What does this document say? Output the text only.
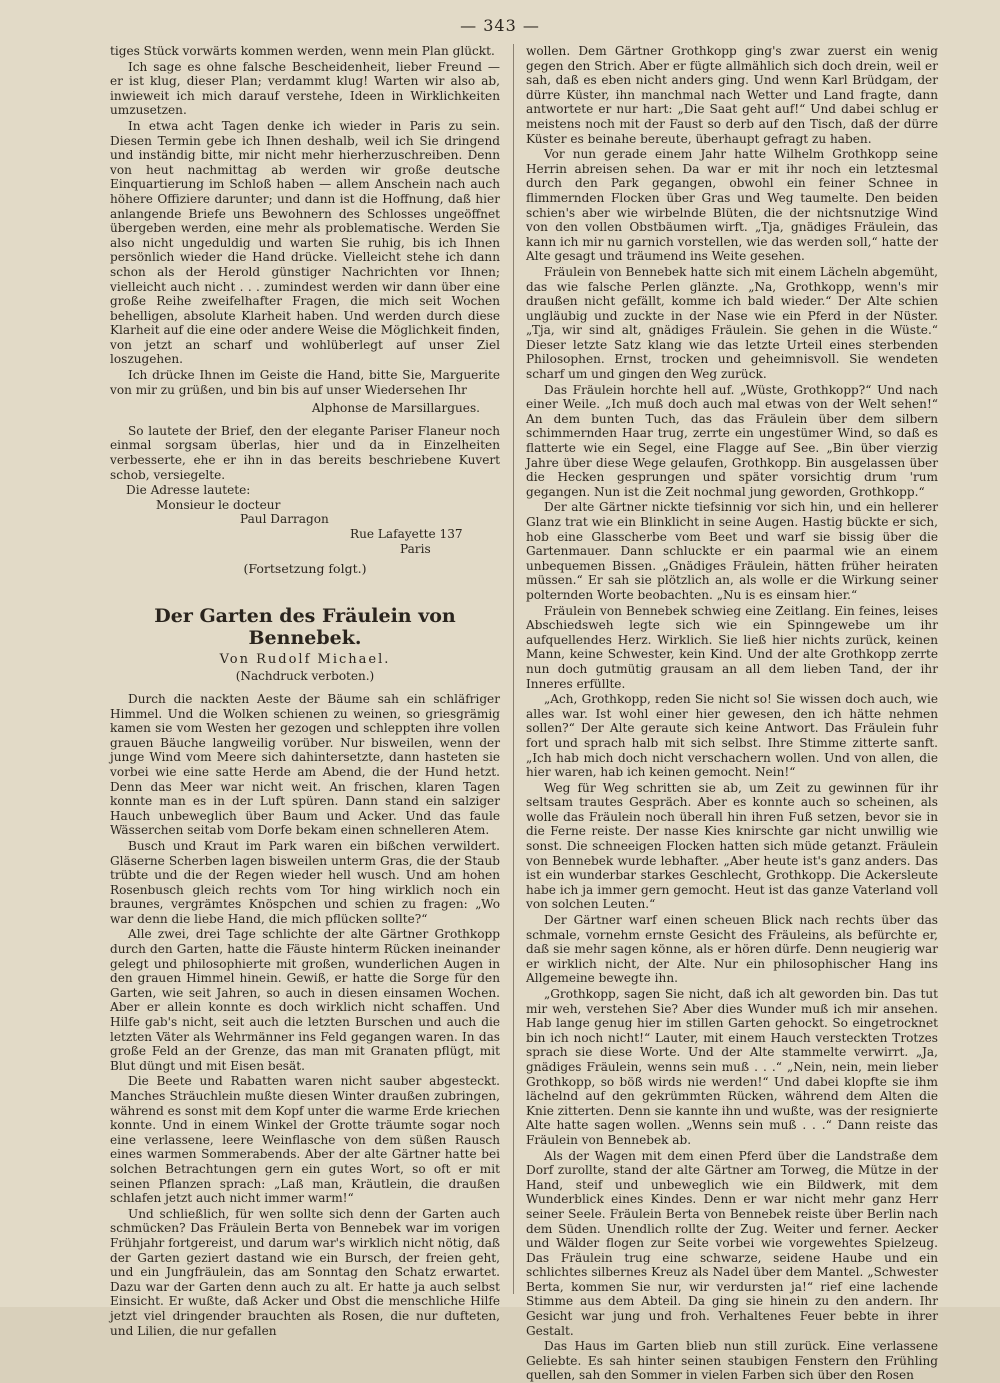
— 343 —

tiges Stück vorwärts kommen werden, wenn mein Plan glückt.

Ich sage es ohne falsche Bescheidenheit, lieber Freund — er ist klug, dieser Plan; verdammt klug! Warten wir also ab, inwieweit ich mich darauf verstehe, Ideen in Wirklichkeiten umzusetzen.

In etwa acht Tagen denke ich wieder in Paris zu sein. Diesen Termin gebe ich Ihnen deshalb, weil ich Sie dringend und inständig bitte, mir nicht mehr hierherzuschreiben. Denn von heut nachmittag ab werden wir große deutsche Einquartierung im Schloß haben — allem Anschein nach auch höhere Offiziere darunter; und dann ist die Hoffnung, daß hier anlangende Briefe uns Bewohnern des Schlosses ungeöffnet übergeben werden, eine mehr als problematische. Werden Sie also nicht ungeduldig und warten Sie ruhig, bis ich Ihnen persönlich wieder die Hand drücke. Vielleicht stehe ich dann schon als der Herold günstiger Nachrichten vor Ihnen; vielleicht auch nicht . . . zumindest werden wir dann über eine große Reihe zweifelhafter Fragen, die mich seit Wochen behelligen, absolute Klarheit haben. Und werden durch diese Klarheit auf die eine oder andere Weise die Möglichkeit finden, von jetzt an scharf und wohlüberlegt auf unser Ziel loszugehen.

Ich drücke Ihnen im Geiste die Hand, bitte Sie, Marguerite von mir zu grüßen, und bin bis auf unser Wiedersehen Ihr

Alphonse de Marsillargues.

So lautete der Brief, den der elegante Pariser Flaneur noch einmal sorgsam überlas, hier und da in Einzelheiten verbesserte, ehe er ihn in das bereits beschriebene Kuvert schob, versiegelte.

Die Adresse lautete:
Monsieur le docteur
Paul Darragon
Rue Lafayette 137
Paris
(Fortsetzung folgt.)
Der Garten des Fräulein von Bennebek.
Von Rudolf Michael.
(Nachdruck verboten.)

Durch die nackten Aeste der Bäume sah ein schläfriger Himmel. Und die Wolken schienen zu weinen, so griesgrämig kamen sie vom Westen her gezogen und schleppten ihre vollen grauen Bäuche langweilig vorüber. Nur bisweilen, wenn der junge Wind vom Meere sich dahintersetzte, dann hasteten sie vorbei wie eine satte Herde am Abend, die der Hund hetzt. Denn das Meer war nicht weit. An frischen, klaren Tagen konnte man es in der Luft spüren. Dann stand ein salziger Hauch unbeweglich über Baum und Acker. Und das faule Wässerchen seitab vom Dorfe bekam einen schnelleren Atem.

Busch und Kraut im Park waren ein bißchen verwildert. Gläserne Scherben lagen bisweilen unterm Gras, die der Staub trübte und die der Regen wieder hell wusch. Und am hohen Rosenbusch gleich rechts vom Tor hing wirklich noch ein braunes, vergrämtes Knöspchen und schien zu fragen: „Wo war denn die liebe Hand, die mich pflücken sollte?“

Alle zwei, drei Tage schlichte der alte Gärtner Grothkopp durch den Garten, hatte die Fäuste hinterm Rücken ineinander gelegt und philosophierte mit großen, wunderlichen Augen in den grauen Himmel hinein. Gewiß, er hatte die Sorge für den Garten, wie seit Jahren, so auch in diesen einsamen Wochen. Aber er allein konnte es doch wirklich nicht schaffen. Und Hilfe gab's nicht, seit auch die letzten Burschen und auch die letzten Väter als Wehrmänner ins Feld gegangen waren. In das große Feld an der Grenze, das man mit Granaten pflügt, mit Blut düngt und mit Eisen besät.

Die Beete und Rabatten waren nicht sauber abgesteckt. Manches Sträuchlein mußte diesen Winter draußen zubringen, während es sonst mit dem Kopf unter die warme Erde kriechen konnte. Und in einem Winkel der Grotte träumte sogar noch eine verlassene, leere Weinflasche von dem süßen Rausch eines warmen Sommerabends. Aber der alte Gärtner hatte bei solchen Betrachtungen gern ein gutes Wort, so oft er mit seinen Pflanzen sprach: „Laß man, Kräutlein, die draußen schlafen jetzt auch nicht immer warm!“

Und schließlich, für wen sollte sich denn der Garten auch schmücken? Das Fräulein Berta von Bennebek war im vorigen Frühjahr fortgereist, und darum war's wirklich nicht nötig, daß der Garten geziert dastand wie ein Bursch, der freien geht, und ein Jungfräulein, das am Sonntag den Schatz erwartet. Dazu war der Garten denn auch zu alt. Er hatte ja auch selbst Einsicht. Er wußte, daß Acker und Obst die menschliche Hilfe jetzt viel dringender brauchten als Rosen, die nur dufteten, und Lilien, die nur gefallen

wollen. Dem Gärtner Grothkopp ging's zwar zuerst ein wenig gegen den Strich. Aber er fügte allmählich sich doch drein, weil er sah, daß es eben nicht anders ging. Und wenn Karl Brüdgam, der dürre Küster, ihn manchmal nach Wetter und Land fragte, dann antwortete er nur hart: „Die Saat geht auf!“ Und dabei schlug er meistens noch mit der Faust so derb auf den Tisch, daß der dürre Küster es beinahe bereute, überhaupt gefragt zu haben.

Vor nun gerade einem Jahr hatte Wilhelm Grothkopp seine Herrin abreisen sehen. Da war er mit ihr noch ein letztesmal durch den Park gegangen, obwohl ein feiner Schnee in flimmernden Flocken über Gras und Weg taumelte. Den beiden schien's aber wie wirbelnde Blüten, die der nichtsnutzige Wind von den vollen Obstbäumen wirft. „Tja, gnädiges Fräulein, das kann ich mir nu garnich vorstellen, wie das werden soll,“ hatte der Alte gesagt und träumend ins Weite gesehen.

Fräulein von Bennebek hatte sich mit einem Lächeln abgemüht, das wie falsche Perlen glänzte. „Na, Grothkopp, wenn's mir draußen nicht gefällt, komme ich bald wieder.“ Der Alte schien ungläubig und zuckte in der Nase wie ein Pferd in der Nüster. „Tja, wir sind alt, gnädiges Fräulein. Sie gehen in die Wüste.“ Dieser letzte Satz klang wie das letzte Urteil eines sterbenden Philosophen. Ernst, trocken und geheimnisvoll. Sie wendeten scharf um und gingen den Weg zurück.

Das Fräulein horchte hell auf. „Wüste, Grothkopp?“ Und nach einer Weile. „Ich muß doch auch mal etwas von der Welt sehen!“ An dem bunten Tuch, das das Fräulein über dem silbern schimmernden Haar trug, zerrte ein ungestümer Wind, so daß es flatterte wie ein Segel, eine Flagge auf See. „Bin über vierzig Jahre über diese Wege gelaufen, Grothkopp. Bin ausgelassen über die Hecken gesprungen und später vorsichtig drum 'rum gegangen. Nun ist die Zeit nochmal jung geworden, Grothkopp.“

Der alte Gärtner nickte tiefsinnig vor sich hin, und ein hellerer Glanz trat wie ein Blinklicht in seine Augen. Hastig bückte er sich, hob eine Glasscherbe vom Beet und warf sie bissig über die Gartenmauer. Dann schluckte er ein paarmal wie an einem unbequemen Bissen. „Gnädiges Fräulein, hätten früher heiraten müssen.“ Er sah sie plötzlich an, als wolle er die Wirkung seiner polternden Worte beobachten. „Nu is es einsam hier.“

Fräulein von Bennebek schwieg eine Zeitlang. Ein feines, leises Abschiedsweh legte sich wie ein Spinngewebe um ihr aufquellendes Herz. Wirklich. Sie ließ hier nichts zurück, keinen Mann, keine Schwester, kein Kind. Und der alte Grothkopp zerrte nun doch gutmütig grausam an all dem lieben Tand, der ihr Inneres erfüllte.

„Ach, Grothkopp, reden Sie nicht so! Sie wissen doch auch, wie alles war. Ist wohl einer hier gewesen, den ich hätte nehmen sollen?“ Der Alte geraute sich keine Antwort. Das Fräulein fuhr fort und sprach halb mit sich selbst. Ihre Stimme zitterte sanft. „Ich hab mich doch nicht verschachern wollen. Und von allen, die hier waren, hab ich keinen gemocht. Nein!“

Weg für Weg schritten sie ab, um Zeit zu gewinnen für ihr seltsam trautes Gespräch. Aber es konnte auch so scheinen, als wolle das Fräulein noch überall hin ihren Fuß setzen, bevor sie in die Ferne reiste. Der nasse Kies knirschte gar nicht unwillig wie sonst. Die schneeigen Flocken hatten sich müde getanzt. Fräulein von Bennebek wurde lebhafter. „Aber heute ist's ganz anders. Das ist ein wunderbar starkes Geschlecht, Grothkopp. Die Ackersleute habe ich ja immer gern gemocht. Heut ist das ganze Vaterland voll von solchen Leuten.“

Der Gärtner warf einen scheuen Blick nach rechts über das schmale, vornehm ernste Gesicht des Fräuleins, als befürchte er, daß sie mehr sagen könne, als er hören dürfe. Denn neugierig war er wirklich nicht, der Alte. Nur ein philosophischer Hang ins Allgemeine bewegte ihn.

„Grothkopp, sagen Sie nicht, daß ich alt geworden bin. Das tut mir weh, verstehen Sie? Aber dies Wunder muß ich mir ansehen. Hab lange genug hier im stillen Garten gehockt. So eingetrocknet bin ich noch nicht!“ Lauter, mit einem Hauch versteckten Trotzes sprach sie diese Worte. Und der Alte stammelte verwirrt. „Ja, gnädiges Fräulein, wenns sein muß . . .“ „Nein, nein, mein lieber Grothkopp, so böß wirds nie werden!“ Und dabei klopfte sie ihm lächelnd auf den gekrümmten Rücken, während dem Alten die Knie zitterten. Denn sie kannte ihn und wußte, was der resignierte Alte hatte sagen wollen. „Wenns sein muß . . .“ Dann reiste das Fräulein von Bennebek ab.

Als der Wagen mit dem einen Pferd über die Landstraße dem Dorf zurollte, stand der alte Gärtner am Torweg, die Mütze in der Hand, steif und unbeweglich wie ein Bildwerk, mit dem Wunderblick eines Kindes. Denn er war nicht mehr ganz Herr seiner Seele. Fräulein Berta von Bennebek reiste über Berlin nach dem Süden. Unendlich rollte der Zug. Weiter und ferner. Aecker und Wälder flogen zur Seite vorbei wie vorgewehtes Spielzeug. Das Fräulein trug eine schwarze, seidene Haube und ein schlichtes silbernes Kreuz als Nadel über dem Mantel. „Schwester Berta, kommen Sie nur, wir verdursten ja!“ rief eine lachende Stimme aus dem Abteil. Da ging sie hinein zu den andern. Ihr Gesicht war jung und froh. Verhaltenes Feuer bebte in ihrer Gestalt.

Das Haus im Garten blieb nun still zurück. Eine verlassene Geliebte. Es sah hinter seinen staubigen Fenstern den Frühling quellen, sah den Sommer in vielen Farben sich über den Rosen
